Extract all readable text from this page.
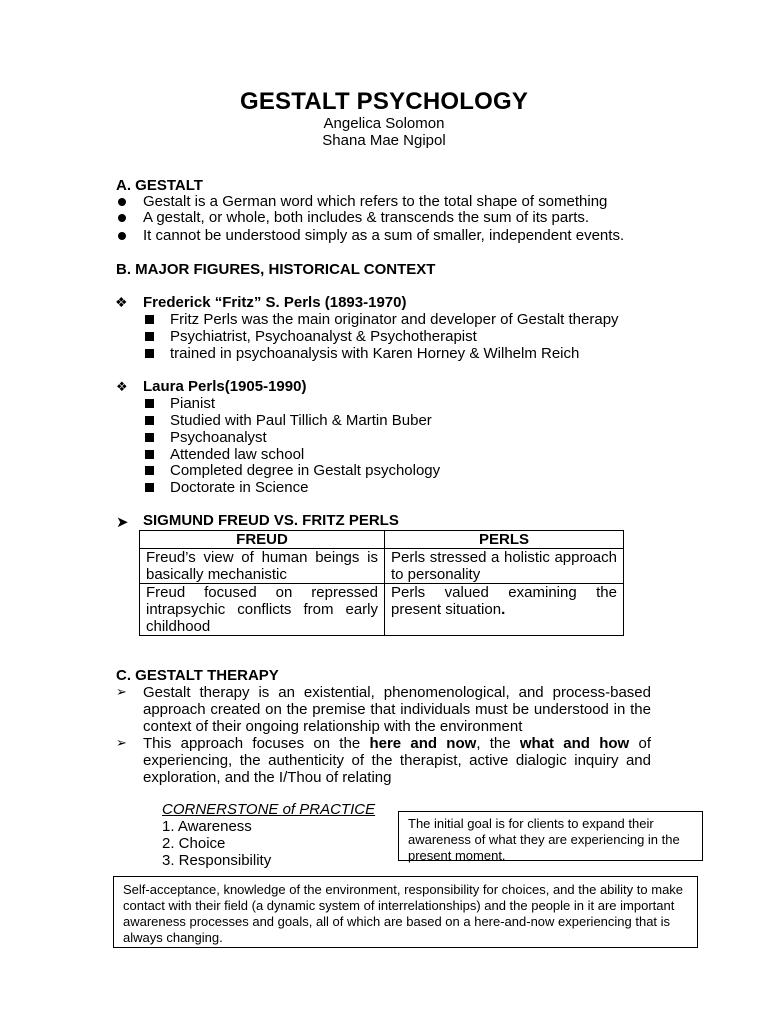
GESTALT PSYCHOLOGY
Angelica Solomon
Shana Mae Ngipol
A. GESTALT
Gestalt is a German word which refers to the total shape of something
A gestalt, or whole, both includes & transcends the sum of its parts.
It cannot be understood simply as a sum of smaller, independent events.
B. MAJOR FIGURES, HISTORICAL CONTEXT
❖ Frederick “Fritz” S. Perls (1893-1970)
Fritz Perls was the main originator and developer of Gestalt therapy
Psychiatrist, Psychoanalyst & Psychotherapist
trained in psychoanalysis with Karen Horney & Wilhelm Reich
❖ Laura Perls(1905-1990)
Pianist
Studied with Paul Tillich & Martin Buber
Psychoanalyst
Attended law school
Completed degree in Gestalt psychology
Doctorate in Science
➤ SIGMUND FREUD VS. FRITZ PERLS
FREUD	PERLS
Freud’s view of human beings is basically mechanistic	Perls stressed a holistic approach to personality
Freud focused on repressed intrapsychic conflicts from early childhood	Perls valued examining the present situation.
C. GESTALT THERAPY
➢ Gestalt therapy is an existential, phenomenological, and process-based approach created on the premise that individuals must be understood in the context of their ongoing relationship with the environment
➢ This approach focuses on the here and now, the what and how of experiencing, the authenticity of the therapist, active dialogic inquiry and exploration, and the I/Thou of relating
CORNERSTONE of PRACTICE
1. Awareness
2. Choice
3. Responsibility
The initial goal is for clients to expand their awareness of what they are experiencing in the present moment.
Self-acceptance, knowledge of the environment, responsibility for choices, and the ability to make contact with their field (a dynamic system of interrelationships) and the people in it are important awareness processes and goals, all of which are based on a here-and-now experiencing that is always changing.
